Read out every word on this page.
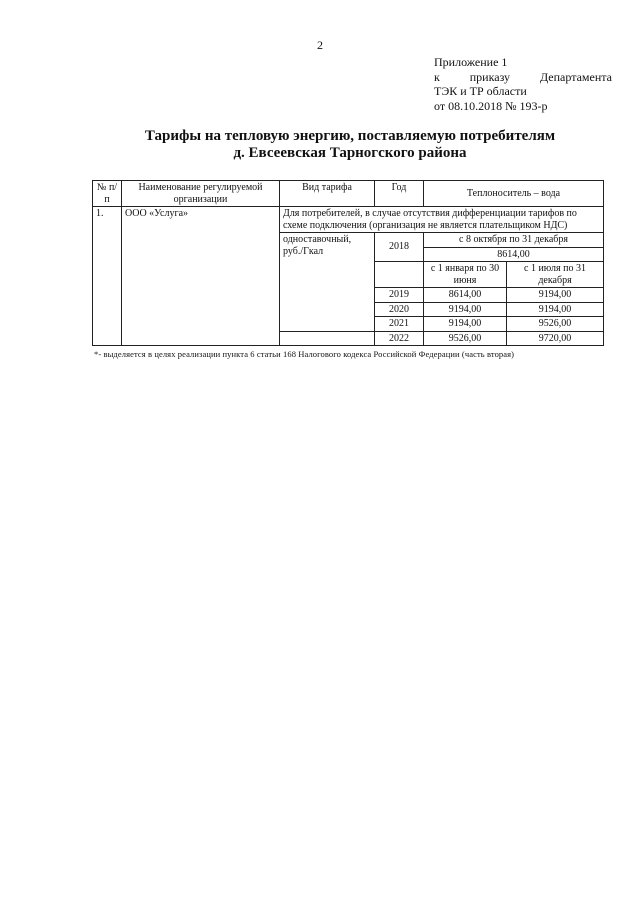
2
Приложение 1
к приказу Департамента
ТЭК и ТР области
от 08.10.2018 № 193-р
Тарифы на тепловую энергию, поставляемую потребителям
д. Евсеевская Тарногского района
№ п/п	Наименование регулируемой организации	Вид тарифа	Год	Теплоноситель – вода	
1.	ООО «Услуга»	Для потребителей, в случае отсутствия дифференциации тарифов по схеме подключения (организация не является плательщиком НДС)			
		одноставочный, руб./Гкал	2018	с 8 октября по 31 декабря	
				8614,00	
				с 1 января по 30 июня	с 1 июля по 31 декабря
			2019	8614,00	9194,00
			2020	9194,00	9194,00
			2021	9194,00	9526,00
			2022	9526,00	9720,00
*- выделяется в целях реализации пункта 6 статьи 168 Налогового кодекса Российской Федерации (часть вторая)
